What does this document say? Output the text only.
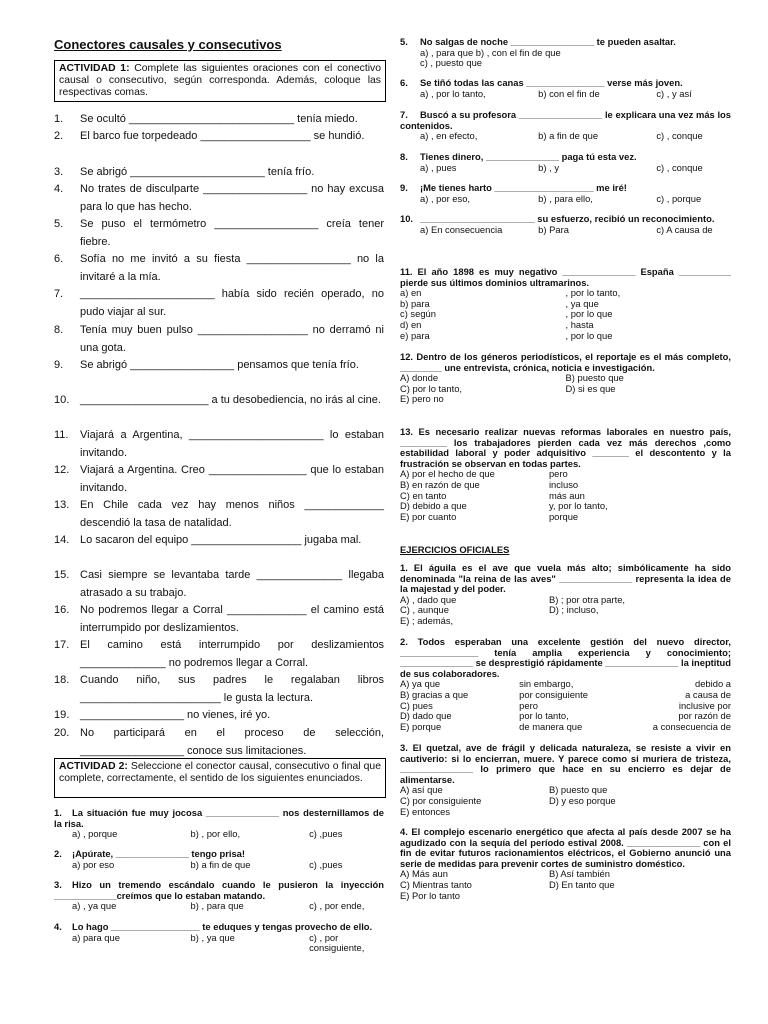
Conectores causales y consecutivos
ACTIVIDAD 1: Complete las siguientes oraciones con el conectivo causal o consecutivo, según corresponda. Además, coloque las respectivas comas.
1.	Se ocultó ___________________________ tenía miedo.
2.	El barco fue torpedeado __________________ se hundió.
3.	Se abrigó ______________________ tenía frío.
4.	No trates de disculparte _________________ no hay excusa para lo que has hecho.
5.	Se puso el termómetro _________________ creía tener fiebre.
6.	Sofía no me invitó a su fiesta _________________ no la invitaré a la mía.
7.	______________________ había sido recién operado, no pudo viajar al sur.
8.	Tenía muy buen pulso __________________ no derramó ni una gota.
9.	Se abrigó _________________ pensamos que tenía frío.
10. _____________________ a tu desobediencia, no irás al cine.
11.	Viajará a Argentina, ______________________ lo estaban invitando.
12. Viajará a Argentina. Creo ________________ que lo estaban invitando.
13. En Chile cada vez hay menos niños _____________ descendió la tasa de natalidad.
14. Lo sacaron del equipo __________________ jugaba mal.
15. Casi siempre se levantaba tarde ______________ llegaba atrasado a su trabajo.
16. No podremos llegar a Corral _____________ el camino está interrumpido por deslizamientos.
17. El camino está interrumpido por deslizamientos ______________ no podremos llegar a Corral.
18. Cuando niño, sus padres le regalaban libros _______________________ le gusta la lectura.
19. _________________ no vienes, iré yo.
20. No participará en el proceso de selección, _________________ conoce sus limitaciones.
ACTIVIDAD 2: Seleccione el conector causal, consecutivo o final que complete, correctamente, el sentido de los siguientes enunciados.
1. La situación fue muy jocosa ______________ nos desternillamos de la risa.
a) , porque	b) , por ello,	c) ,pues
2. ¡Apúrate, ______________ tengo prisa!
a) por eso	b) a fin de que	c) ,pues
3. Hizo un tremendo escándalo cuando le pusieron la inyección ____________creímos que lo estaban matando.
a) , ya que	b) , para que	c) , por ende,
4. Lo hago _________________ te eduques y tengas provecho de ello.
a) para que	b) , ya que	c) , por consiguiente,
5. No salgas de noche ________________ te pueden asaltar.
a) , para que b) , con el fin de que
c) , puesto que
6. Se tiñó todas las canas _______________ verse más joven.
a) , por lo tanto,	b) con el fin de	c) , y así
7. Buscó a su profesora ________________ le explicara una vez más los contenidos.
a) , en efecto,	b) a fin de que	c) , conque
8. Tienes dinero, ______________ paga tú esta vez.
a) , pues	b) , y	c) , conque
9. ¡Me tienes harto ___________________ me iré!
a) , por eso,	b) , para ello,	c) , porque
10. ______________________ su esfuerzo, recibió un reconocimiento.
a) En consecuencia	b) Para	c) A causa de
11. El año 1898 es muy negativo ______________ España __________ pierde sus últimos dominios ultramarinos.
a) en	, por lo tanto,
b) para	, ya que
c) según	, por lo que
d) en	, hasta
e) para	, por lo que
12. Dentro de los géneros periodísticos, el reportaje es el más completo, ________ une entrevista, crónica, noticia e investigación.
A) donde	B) puesto que
C) por lo tanto,	D) si es que
E) pero no
13. Es necesario realizar nuevas reformas laborales en nuestro país, _________ los trabajadores pierden cada vez más derechos ,como estabilidad laboral y poder adquisitivo _______ el descontento y la frustración se observan en todas partes.
A) por el hecho de que	pero
B) en razón de que	incluso
C) en tanto	más aun
D) debido a que	y, por lo tanto,
E) por cuanto	porque
EJERCICIOS OFICIALES
1. El águila es el ave que vuela más alto; simbólicamente ha sido denominada "la reina de las aves" ______________ representa la idea de la majestad y del poder.
A) , dado que	B) ; por otra parte,
C) , aunque	D) ; incluso,
E) ; además,
2. Todos esperaban una excelente gestión del nuevo director, _______________ tenía amplia experiencia y conocimiento; ______________ se desprestigió rápidamente ______________ la ineptitud de sus colaboradores.
A) ya que	sin embargo,	debido a
B) gracias a que	por consiguiente	a causa de
C) pues	pero	inclusive por
D) dado que	por lo tanto,	por razón de
E) porque	de manera que	a consecuencia de
3. El quetzal, ave de frágil y delicada naturaleza, se resiste a vivir en cautiverio: si lo encierran, muere. Y parece como si muriera de tristeza, ______________ lo primero que hace en su encierro es dejar de alimentarse.
A) así que	B) puesto que
C) por consiguiente	D) y eso porque
E) entonces
4. El complejo escenario energético que afecta al país desde 2007 se ha agudizado con la sequía del período estival 2008. ______________ con el fin de evitar futuros racionamientos eléctricos, el Gobierno anunció una serie de medidas para prevenir cortes de suministro doméstico.
A) Más aun	B) Así también
C) Mientras tanto	D) En tanto que
E) Por lo tanto
